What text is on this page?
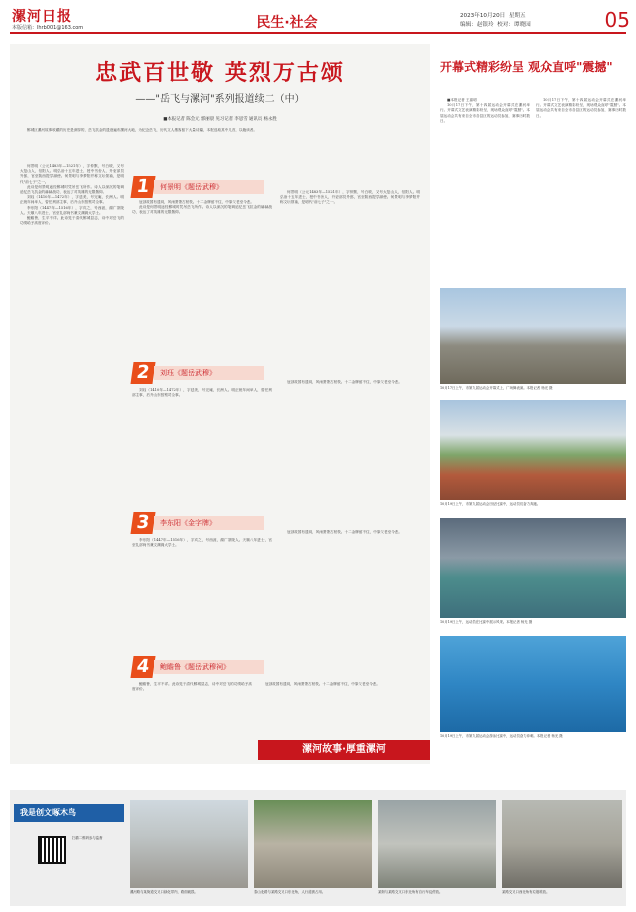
漯河日报
本版信箱：lhrb001@163.com	民生·社会	2023年10月20日 星期五
编辑：赵银玲 校对：谭晓园	05
忠武百世敬 英烈万古颂
——"岳飞与漯河"系列报道续二（中）
■本报记者 陈会元 郭丽晨 见习记者 李思雪 通讯员 杨永胜

郾城区漯河故事收藏的历史是深厚的，岳飞抗金的遗迹遍布漯河大地，为纪念岳飞，历代文人墨客留下大量诗篇，本报选取其中几首，以飨读者。

何景明（公元1483年—1521年），字仲默，号白坡，又号大复山人，信阳人。明弘治十五年进士，授中书舍人，升吏部员外郎，官至陕西提学副使。何景明与李梦阳并称文坛领袖，是明代"前七子"之一。

此诗是何景明途经郾城时凭吊岳飞所作。诗人以深沉的笔调追忆岳飞抗金的赫赫战功，表达了对英雄的无限敬仰。

刘珏（1410年—1472年），字廷美，号完庵，长洲人。明正统年间举人，曾任刑部主事，后升山东按察司佥事。

李东阳（1447年—1516年），字宾之，号西涯，湖广茶陵人。天顺八年进士，官至礼部尚书兼文渊阁大学士。

鲍瞻鲁，生平不详。此诗见于清代郾城县志，诗中对岳飞的功绩给予高度评价。

1	何景明《题岳武穆》

冠剑故国有遗祠，风雨萧萧古柏枝。十二金牌留不住，中原父老至今悲。

此诗是何景明途经郾城时凭吊岳飞所作。诗人以深沉的笔调追忆岳飞抗金的赫赫战功，表达了对英雄的无限敬仰。

何景明（公元1483年—1521年），字仲默，号白坡，又号大复山人，信阳人。明弘治十五年进士，授中书舍人，升吏部员外郎，官至陕西提学副使。何景明与李梦阳并称文坛领袖，是明代"前七子"之一。

2	刘珏《题岳武穆》

刘珏（1410年—1472年），字廷美，号完庵，长洲人。明正统年间举人，曾任刑部主事，后升山东按察司佥事。

冠剑故国有遗祠，风雨萧萧古柏枝。十二金牌留不住，中原父老至今悲。

3	李东阳《金字牌》

李东阳（1447年—1516年），字宾之，号西涯，湖广茶陵人。天顺八年进士，官至礼部尚书兼文渊阁大学士。

冠剑故国有遗祠，风雨萧萧古柏枝。十二金牌留不住，中原父老至今悲。

4	鲍瞻鲁《题岳武穆祠》

鲍瞻鲁，生平不详。此诗见于清代郾城县志，诗中对岳飞的功绩给予高度评价。

冠剑故国有遗祠，风雨萧萧古柏枝。十二金牌留不住，中原父老至今悲。

漯河故事·厚重漯河
开幕式精彩纷呈 观众直呼"震撼"

■本报记者 王嘉明

10月17日下午，第十四届运动会开幕式在漯河举行。开幕式文艺表演精彩纷呈，现场观众直呼"震撼"。本届运动会共有来自全市各县区的运动员参加，赛事历时数日。

10月17日下午，第十四届运动会开幕式在漯河举行。开幕式文艺表演精彩纷呈，现场观众直呼"震撼"。本届运动会共有来自全市各县区的运动员参加，赛事历时数日。

10月17日上午，市第九届运动会开幕式上，广场舞表演。本报记者 杨光 摄
10月19日上午，市第九届运动会田径比赛中，运动员们奋力奔跑。
10月19日上午，运动员在比赛中展示风采。本报记者 杨光 摄
10月19日上午，市第九届运动会游泳比赛中，运动员奋力冲刺。本报记者 杨光 摄
我是创文啄木鸟
扫描二维码参与监督
漯河路与某街道交叉口绿化带内，路面破损。	泰山北路与某路交叉口东北角，人行道被占用。	某街与某路交叉口东北角有自行车乱停放。	某路交叉口西北角有垃圾堆放。
